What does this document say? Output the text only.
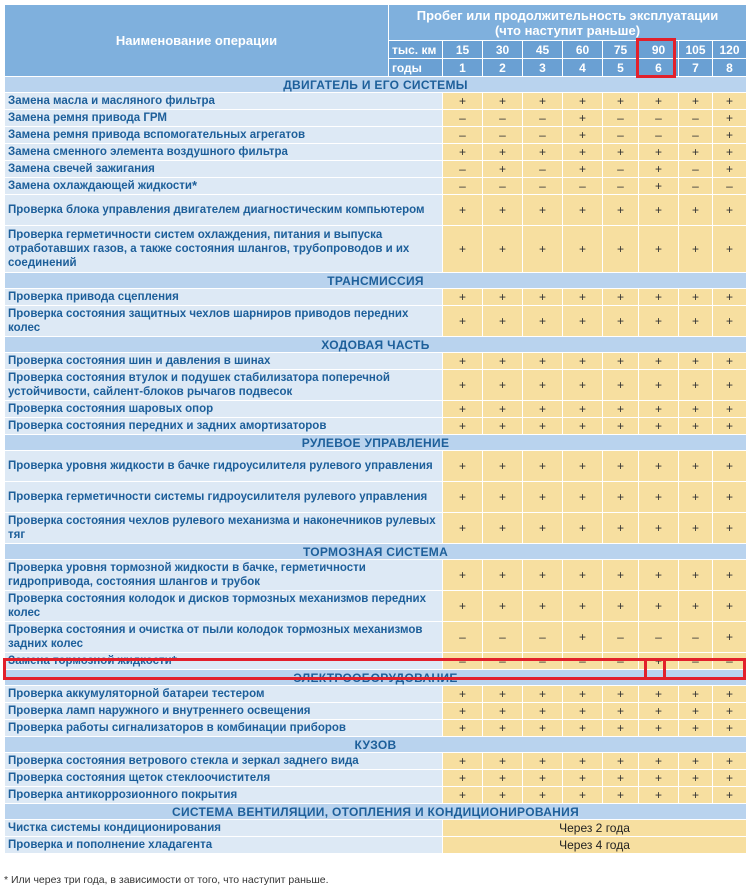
Наименование операции	Пробег или продолжительность эксплуатации
(что наступит раньше)								

	тыс. км	15	30	45	60	75	90	105	120
	годы	1	2	3	4	5	6	7	8
ДВИГАТЕЛЬ И ЕГО СИСТЕМЫ									
Замена масла и масляного фильтра		+	+	+	+	+	+	+	+
Замена ремня привода ГРМ		–	–	–	+	–	–	–	+
Замена ремня привода вспомогательных агрегатов		–	–	–	+	–	–	–	+
Замена сменного элемента воздушного фильтра		+	+	+	+	+	+	+	+
Замена свечей зажигания		–	+	–	+	–	+	–	+
Замена охлаждающей жидкости*		–	–	–	–	–	+	–	–
Проверка блока управления двигателем диагностическим компьютером		+	+	+	+	+	+	+	+
Проверка герметичности систем охлаждения, питания и выпуска отработавших газов, а также состояния шлангов, трубопроводов и их соединений		+	+	+	+	+	+	+	+
ТРАНСМИССИЯ									
Проверка привода сцепления		+	+	+	+	+	+	+	+
Проверка состояния защитных чехлов шарниров приводов передних колес		+	+	+	+	+	+	+	+
ХОДОВАЯ ЧАСТЬ									
Проверка состояния шин и давления в шинах		+	+	+	+	+	+	+	+
Проверка состояния втулок и подушек стабилизатора поперечной устойчивости, сайлент-блоков рычагов подвесок		+	+	+	+	+	+	+	+
Проверка состояния шаровых опор		+	+	+	+	+	+	+	+
Проверка состояния передних и задних амортизаторов		+	+	+	+	+	+	+	+
РУЛЕВОЕ УПРАВЛЕНИЕ									
Проверка уровня жидкости в бачке гидроусилителя рулевого управления		+	+	+	+	+	+	+	+
Проверка герметичности системы гидроусилителя рулевого управления		+	+	+	+	+	+	+	+
Проверка состояния чехлов рулевого механизма и наконечников рулевых тяг		+	+	+	+	+	+	+	+
ТОРМОЗНАЯ СИСТЕМА									
Проверка уровня тормозной жидкости в бачке, герметичности гидропривода, состояния шлангов и трубок		+	+	+	+	+	+	+	+
Проверка состояния колодок и дисков тормозных механизмов передних колес		+	+	+	+	+	+	+	+
Проверка состояния и очистка от пыли колодок тормозных механизмов задних колес		–	–	–	+	–	–	–	+
Замена тормозной жидкости*		–	–	–	–	–	+	–	–
ЭЛЕКТРООБОРУДОВАНИЕ									
Проверка аккумуляторной батареи тестером		+	+	+	+	+	+	+	+
Проверка ламп наружного и внутреннего освещения		+	+	+	+	+	+	+	+
Проверка работы сигнализаторов в комбинации приборов		+	+	+	+	+	+	+	+
КУЗОВ									
Проверка состояния ветрового стекла и зеркал заднего вида		+	+	+	+	+	+	+	+
Проверка состояния щеток стеклоочистителя		+	+	+	+	+	+	+	+
Проверка антикоррозионного покрытия		+	+	+	+	+	+	+	+
СИСТЕМА ВЕНТИЛЯЦИИ, ОТОПЛЕНИЯ И КОНДИЦИОНИРОВАНИЯ									
Чистка системы кондиционирования		Через 2 года							
Проверка и пополнение хладагента		Через 4 года							
* Или через три года, в зависимости от того, что наступит раньше.
